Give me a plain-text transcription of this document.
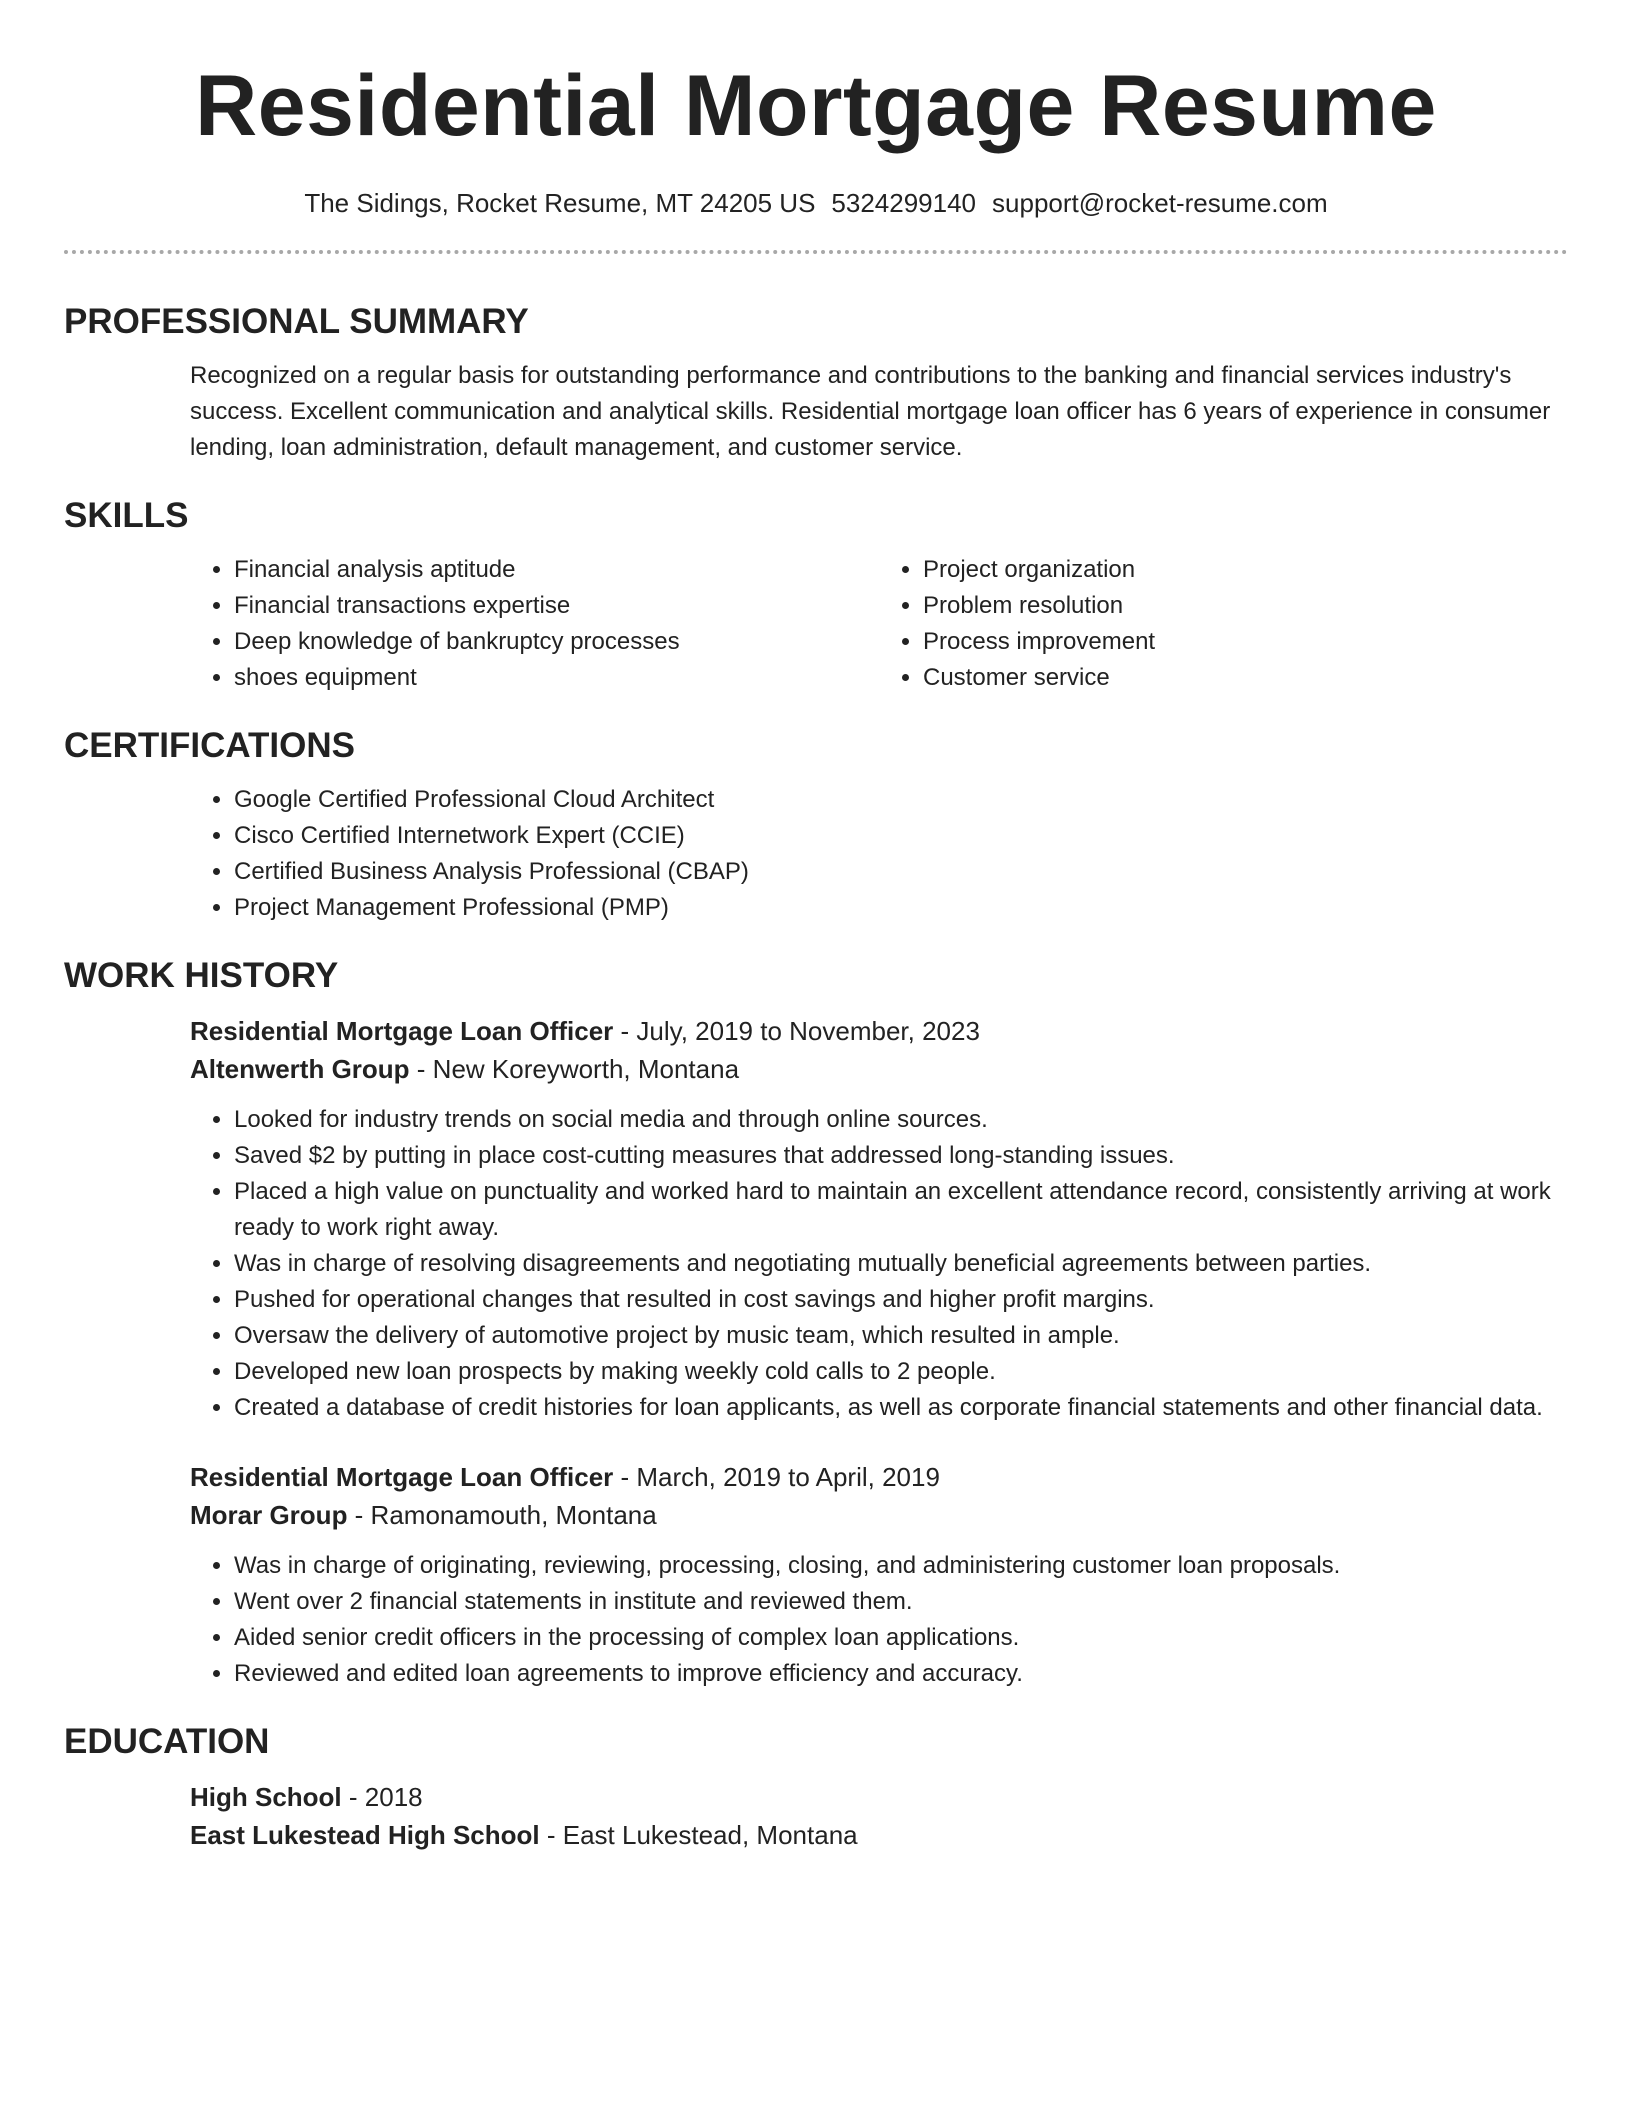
Residential Mortgage Resume
The Sidings, Rocket Resume, MT 24205 US 5324299140 support@rocket-resume.com
PROFESSIONAL SUMMARY

Recognized on a regular basis for outstanding performance and contributions to the banking and financial services industry's success. Excellent communication and analytical skills. Residential mortgage loan officer has 6 years of experience in consumer lending, loan administration, default management, and customer service.

SKILLS
• Financial analysis aptitude
• Financial transactions expertise
• Deep knowledge of bankruptcy processes
• shoes equipment
• Project organization
• Problem resolution
• Process improvement
• Customer service
CERTIFICATIONS
• Google Certified Professional Cloud Architect
• Cisco Certified Internetwork Expert (CCIE)
• Certified Business Analysis Professional (CBAP)
• Project Management Professional (PMP)
WORK HISTORY
Residential Mortgage Loan Officer - July, 2019 to November, 2023
Altenwerth Group - New Koreyworth, Montana
• Looked for industry trends on social media and through online sources.
• Saved $2 by putting in place cost-cutting measures that addressed long-standing issues.
• Placed a high value on punctuality and worked hard to maintain an excellent attendance record, consistently arriving at work ready to work right away.
• Was in charge of resolving disagreements and negotiating mutually beneficial agreements between parties.
• Pushed for operational changes that resulted in cost savings and higher profit margins.
• Oversaw the delivery of automotive project by music team, which resulted in ample.
• Developed new loan prospects by making weekly cold calls to 2 people.
• Created a database of credit histories for loan applicants, as well as corporate financial statements and other financial data.
Residential Mortgage Loan Officer - March, 2019 to April, 2019
Morar Group - Ramonamouth, Montana
• Was in charge of originating, reviewing, processing, closing, and administering customer loan proposals.
• Went over 2 financial statements in institute and reviewed them.
• Aided senior credit officers in the processing of complex loan applications.
• Reviewed and edited loan agreements to improve efficiency and accuracy.
EDUCATION
High School - 2018
East Lukestead High School - East Lukestead, Montana
